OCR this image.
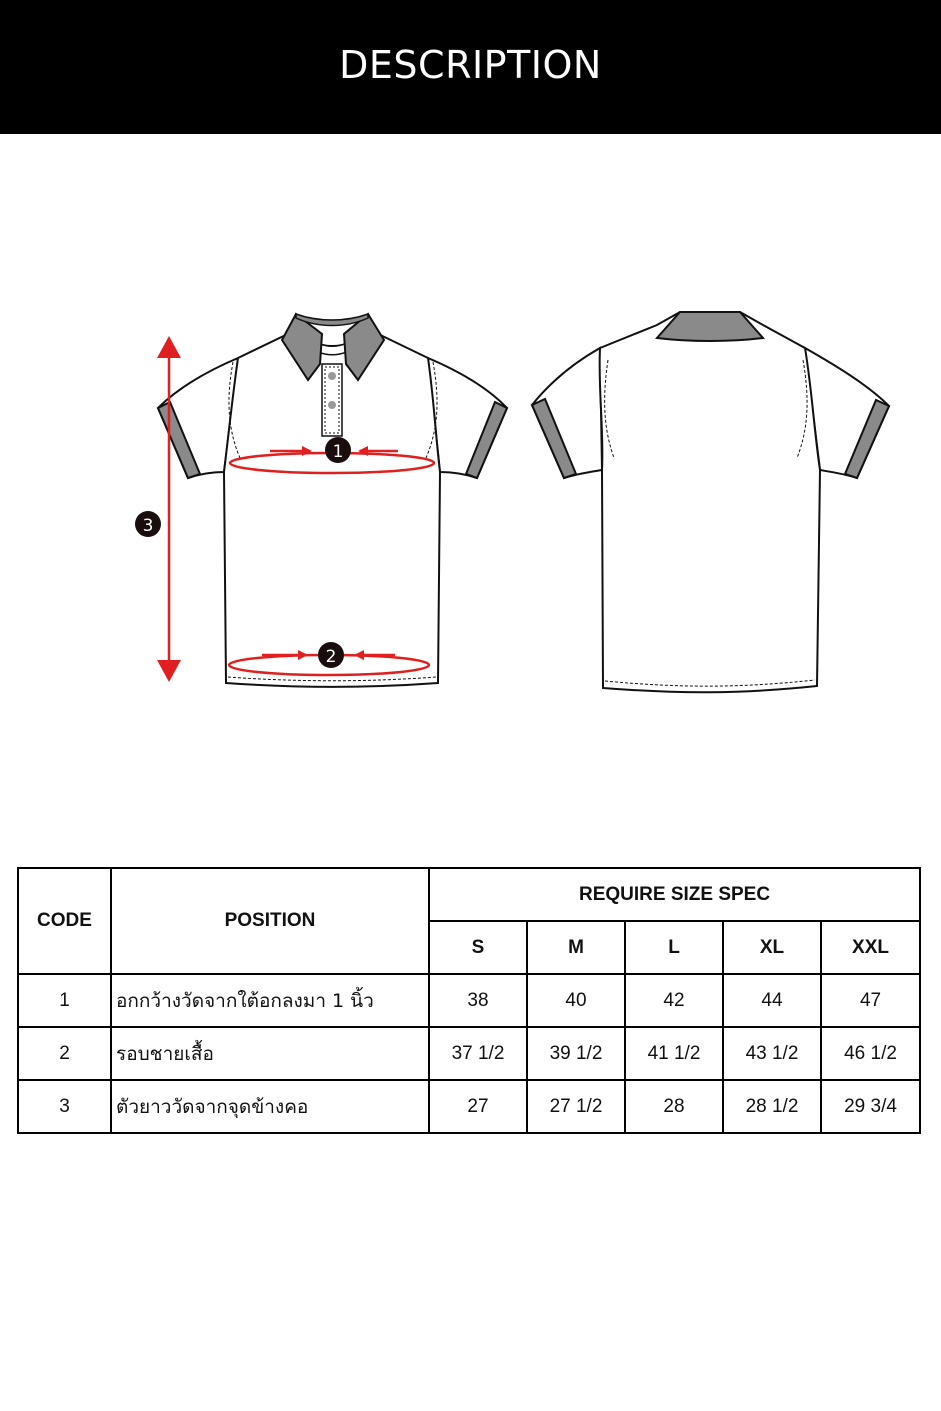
DESCRIPTION
1
2
3
CODE	POSITION	REQUIRE SIZE SPEC				
		S	M	L	XL	XXL
1	อกกว้างวัดจากใต้อกลงมา 1 นิ้ว	38	40	42	44	47
2	รอบชายเสื้อ	37 1/2	39 1/2	41 1/2	43 1/2	46 1/2
3	ตัวยาววัดจากจุดข้างคอ	27	27 1/2	28	28 1/2	29 3/4
